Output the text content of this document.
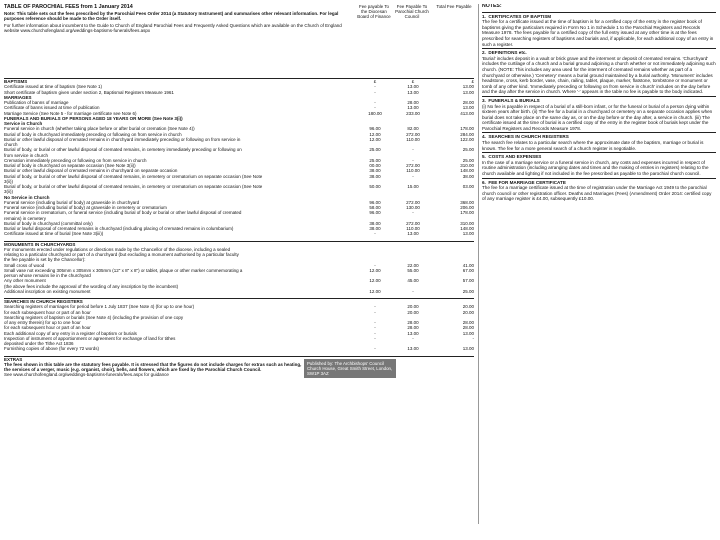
TABLE OF PAROCHIAL FEES from 1 January 2014
Note: This table sets out the fees prescribed by the Parochial Fees Order 2014 (a Statutory Instrument) and summarises other relevant information. For legal purposes reference should be made to the Order itself.
For further information about incumbent to the Guide to Church of England Parochial Fees and Frequently Asked Questions which are available on the Church of England website www.churchofengland.org/weddings-baptisms-funerals/fees.aspx
Fee payable To the Diocesan Board of Finance
Fee Payable To Parochial Church Council
Total Fee Payable
BAPTISMS	£	£	£
Certificate issued at time of baptism (See Note 1)	-	13.00	13.00
Short certificate of baptism given under section 2, Baptismal Registers Measure 1961	-	13.00	13.00
MARRIAGES			
Publication of banns of marriage	-	28.00	28.00
Certificate of banns issued at time of publication	-	13.00	13.00
Marriage Service (See Note 5 - for marriage certificate see Note 6)	180.00	233.00	413.00
FUNERALS AND BURIALS OF PERSONS AGED 18 YEARS OR MORE (See Note 3(i))			
Service in Church			
Funeral service in church (whether taking place before or after burial or cremation (See Note 4))	96.00	82.00	178.00
Burial of body in churchyard immediately preceding or following on from service in church	12.00	272.00	284.00
Burial or other lawful disposal of cremated remains in churchyard immediately preceding or following on from service in	12.00	110.00	122.00
church			
Burial of body, or burial or other lawful disposal of cremated remains, in cemetery immediately preceding or following on	25.00	-	25.00
from service in church			
Cremation immediately preceding or following on from service in church	25.00	-	25.00
Burial of body in churchyard on separate occasion (See Note 3(ii))	00.00	272.00	310.00
Burial or other lawful disposal of cremated remains in churchyard on separate occasion	38.00	110.00	148.00
Burial of body, or burial or other lawful disposal of cremated remains, in cemetery or crematorium on separate occasion (See Note	38.00	-	38.00
3(ii))			
Burial of body, or burial or other lawful disposal of cremated remains, in cemetery or crematorium on separate occasion (See Note	50.00	15.00	03.00
3(ii))			
No Service in Church			
Funeral service (including burial of body) at graveside in churchyard	96.00	272.00	368.00
Funeral service (including burial of body) at graveside in cemetery or crematorium	58.00	130.00	206.00
Funeral service in crematorium, or funeral service (including burial of body or burial or other lawful disposal of cremated	96.00	-	178.00
remains) in cemetery			
Burial of body in churchyard (committal only)	38.00	272.00	310.00
Burial or lawful disposal of cremated remains in churchyard (including placing of cremated remains in columbarium)	38.00	110.00	148.00
Certificate issued at time of burial (See Note 3(iii))	-	13.00	13.00

MONUMENTS IN CHURCHYARDS			
For monuments erected under regulations or directions made by the Chancellor of the diocese, including a sealed			
relating to a particular churchyard or part of a churchyard (but excluding a monument authorised by a particular faculty			
the fee payable is set by the Chancellor):			
Small cross of wood	-	22.00	41.00
Small vase not exceeding 305mm x 305mm x 305mm (12" x 8" x 8") or tablet, plaque or other marker commemorating a	12.00	55.00	67.00
person whose remains lie in the churchyard			
Any other monument	12.00	45.00	57.00
(the above fees include the approval of the wording of any inscription by the incumbent)			
Additional inscription on existing monument	12.00	-	25.00

SEARCHES IN CHURCH REGISTERS			
Searching registers of marriages for period before 1 July 1837 (See Note 4) (for up to one hour)	-	20.00	20.00
for each subsequent hour or part of an hour	-	20.00	20.00
Searching registers of baptism or burials (See Note 4) (including the provision of one copy			
of any entry therein) for up to one hour	-	28.00	28.00
for each subsequent hour or part of an hour	-	28.00	28.00
Each additional copy of any entry in a register of baptism or burials	-	13.00	13.00
Inspection of instrument of apportionment or agreement for exchange of land for tithes	-	-	-
deposited under the Tithe Act 1836			
Furnishing copies of above (for every 72 words)	-	13.00	13.00
EXTRAS
The fees shown in this table are the statutory fees payable. It is stressed that the figures do not include charges for extras such as heating, the services of a verger, music (e.g. organist, choir), bells, and flowers, which are fixed by the Parochial Church Council.
See www.churchofengland.org/weddings-baptisms-funerals/fees.aspx for guidance
Published by: The Archbishops' Council Church House, Great Smith Street, London, SW1P 3AZ
NOTES:
1. CERTIFICATES OF BAPTISM
The fee for a certificate issued at the time of baptism is for a certified copy of the entry in the register book of baptisms giving the particulars required in Form No 1 in Schedule 1 to the Parochial Registers and Records Measure 1978. The fees payable for a certified copy of the full entry issued at any other time is at the fees prescribed for searching registers of baptisms and burials and, if applicable, for each additional copy of an entry in such a register.
2. DEFINITIONS etc.
'Burial' includes deposit in a vault or brick grave and the interment or deposit of cremated remains. 'Churchyard' includes the curtilage of a church and a burial ground adjoining a church whether or not immediately adjoining such church. (NOTE: This includes any area used for the interment of cremated remains whether as part of a churchyard or otherwise.) 'Cemetery' means a burial ground maintained by a burial authority. 'Monument' includes headstone, cross, kerb border, vase, chain, railing, tablet, plaque, marker, flatstone, tombstone or monument or tomb of any other kind. 'Immediately preceding or following on from service in church' includes on the day before and the day after the service in church. Where '-' appears in the table no fee is payable to the body indicated.
3. FUNERALS & BURIALS
(i) No fee is payable in respect of a burial of a still-born infant, or for the funeral or burial of a person dying within sixteen years after birth. (ii) The fee for a burial in a churchyard or cemetery on a separate occasion applies when burial does not take place on the same day as, or on the day before or the day after, a service in church. (iii) The certificate issued at the time of burial is a certified copy of the entry in the register book of burials kept under the Parochial Registers and Records Measure 1978.
4. SEARCHES IN CHURCH REGISTERS
The search fee relates to a particular search where the approximate date of the baptism, marriage or burial is known. The fee for a more general search of a church register is negotiable.
5. COSTS AND EXPENSES
In the case of a marriage service or a funeral service in church, any costs and expenses incurred in respect of routine administration (including arranging dates and times and the making of entries in registers) relating to the church available and lighting if not included in the fee prescribed as payable to the parochial church council.
6. FEE FOR MARRIAGE CERTIFICATE
The fee for a marriage certificate issued at the time of registration under the Marriage Act 1949 to the parochial church council or other registration officer. Deaths and Marriages (Fees) (Amendment) Order 2014: certified copy of any marriage register is £4.00, subsequently £10.00.
